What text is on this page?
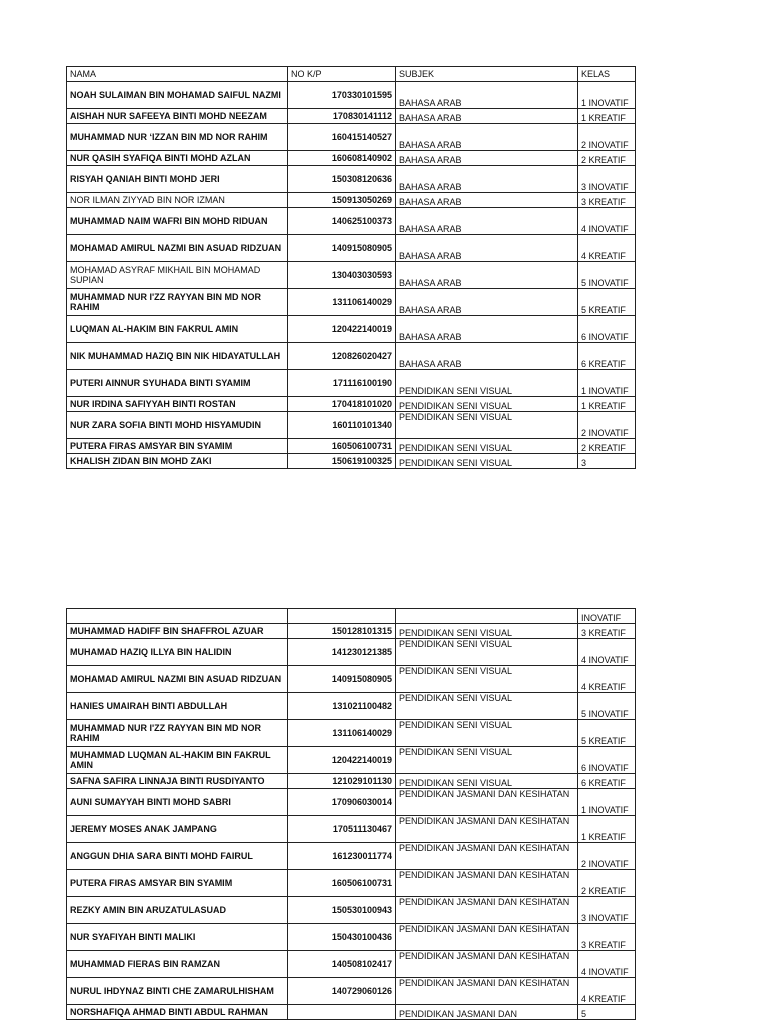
NAMA	NO K/P	SUBJEK	KELAS
NOAH SULAIMAN BIN MOHAMAD SAIFUL NAZMI	170330101595	BAHASA ARAB	1 INOVATIF
AISHAH NUR SAFEEYA BINTI MOHD NEEZAM	170830141112	BAHASA ARAB	1 KREATIF
MUHAMMAD NUR ‘IZZAN BIN MD NOR RAHIM	160415140527	BAHASA ARAB	2 INOVATIF
NUR QASIH SYAFIQA BINTI MOHD AZLAN	160608140902	BAHASA ARAB	2 KREATIF
RISYAH QANIAH BINTI MOHD JERI	150308120636	BAHASA ARAB	3 INOVATIF
NOR ILMAN ZIYYAD BIN NOR IZMAN	150913050269	BAHASA ARAB	3 KREATIF
MUHAMMAD NAIM WAFRI BIN MOHD RIDUAN	140625100373	BAHASA ARAB	4 INOVATIF
MOHAMAD AMIRUL NAZMI BIN ASUAD RIDZUAN	140915080905	BAHASA ARAB	4 KREATIF
MOHAMAD ASYRAF MIKHAIL BIN MOHAMAD SUPIAN	130403030593	BAHASA ARAB	5 INOVATIF
MUHAMMAD NUR I'ZZ RAYYAN BIN MD NOR RAHIM	131106140029	BAHASA ARAB	5 KREATIF
LUQMAN AL-HAKIM BIN FAKRUL AMIN	120422140019	BAHASA ARAB	6 INOVATIF
NIK MUHAMMAD HAZIQ BIN NIK HIDAYATULLAH	120826020427	BAHASA ARAB	6 KREATIF
PUTERI AINNUR SYUHADA BINTI SYAMIM	171116100190	PENDIDIKAN SENI VISUAL	1 INOVATIF
NUR IRDINA SAFIYYAH BINTI ROSTAN	170418101020	PENDIDIKAN SENI VISUAL	1 KREATIF
NUR ZARA SOFIA BINTI MOHD HISYAMUDIN	160110101340	PENDIDIKAN SENI VISUAL	2 INOVATIF
PUTERA FIRAS AMSYAR BIN SYAMIM	160506100731	PENDIDIKAN SENI VISUAL	2 KREATIF
KHALISH ZIDAN BIN MOHD ZAKI	150619100325	PENDIDIKAN SENI VISUAL	3
			INOVATIF
MUHAMMAD HADIFF BIN SHAFFROL AZUAR	150128101315	PENDIDIKAN SENI VISUAL	3 KREATIF
MUHAMAD HAZIQ ILLYA BIN HALIDIN	141230121385	PENDIDIKAN SENI VISUAL	4 INOVATIF
MOHAMAD AMIRUL NAZMI BIN ASUAD RIDZUAN	140915080905	PENDIDIKAN SENI VISUAL	4 KREATIF
HANIES UMAIRAH BINTI ABDULLAH	131021100482	PENDIDIKAN SENI VISUAL	5 INOVATIF
MUHAMMAD NUR I'ZZ RAYYAN BIN MD NOR RAHIM	131106140029	PENDIDIKAN SENI VISUAL	5 KREATIF
MUHAMMAD LUQMAN AL-HAKIM BIN FAKRUL AMIN	120422140019	PENDIDIKAN SENI VISUAL	6 INOVATIF
SAFNA SAFIRA LINNAJA BINTI RUSDIYANTO	121029101130	PENDIDIKAN SENI VISUAL	6 KREATIF
AUNI SUMAYYAH BINTI MOHD SABRI	170906030014	PENDIDIKAN JASMANI DAN KESIHATAN	1 INOVATIF
JEREMY MOSES ANAK JAMPANG	170511130467	PENDIDIKAN JASMANI DAN KESIHATAN	1 KREATIF
ANGGUN DHIA SARA BINTI MOHD FAIRUL	161230011774	PENDIDIKAN JASMANI DAN KESIHATAN	2 INOVATIF
PUTERA FIRAS AMSYAR BIN SYAMIM	160506100731	PENDIDIKAN JASMANI DAN KESIHATAN	2 KREATIF
REZKY AMIN BIN ARUZATULASUAD	150530100943	PENDIDIKAN JASMANI DAN KESIHATAN	3 INOVATIF
NUR SYAFIYAH BINTI MALIKI	150430100436	PENDIDIKAN JASMANI DAN KESIHATAN	3 KREATIF
MUHAMMAD FIERAS BIN RAMZAN	140508102417	PENDIDIKAN JASMANI DAN KESIHATAN	4 INOVATIF
NURUL IHDYNAZ BINTI CHE ZAMARULHISHAM	140729060126	PENDIDIKAN JASMANI DAN KESIHATAN	4 KREATIF
NORSHAFIQA AHMAD BINTI ABDUL RAHMAN		PENDIDIKAN JASMANI DAN	5
